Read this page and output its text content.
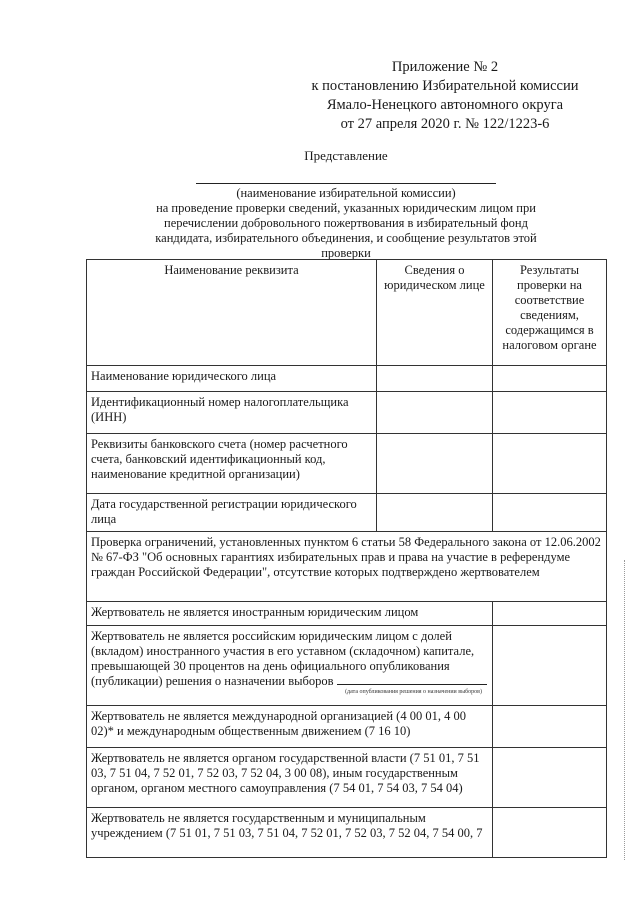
Приложение № 2
к постановлению Избирательной комиссии
Ямало-Ненецкого автономного округа
от 27 апреля 2020 г. № 122/1223-6
Представление
(наименование избирательной комиссии)
на проведение проверки сведений, указанных юридическим лицом при перечислении добровольного пожертвования в избирательный фонд кандидата, избирательного объединения, и сообщение результатов этой проверки
Наименование реквизита	Сведения о юридическом лице	Результаты проверки на соответствие сведениям, содержащимся в налоговом органе
Наименование юридического лица		
Идентификационный номер налогоплательщика (ИНН)		
Реквизиты банковского счета (номер расчетного счета, банковский идентификационный код, наименование кредитной организации)		
Дата государственной регистрации юридического лица		
Проверка ограничений, установленных пунктом 6 статьи 58 Федерального закона от 12.06.2002 № 67-ФЗ "Об основных гарантиях избирательных прав и права на участие в референдуме граждан Российской Федерации", отсутствие которых подтверждено жертвователем		
Жертвователь не является иностранным юридическим лицом		
Жертвователь не является российским юридическим лицом с долей (вкладом) иностранного участия в его уставном (складочном) капитале, превышающей 30 процентов на день официального опубликования (публикации) решения о назначении выборов
(дата опубликования решения о назначении выборов)		

Жертвователь не является международной организацией (4 00 01, 4 00 02)* и международным общественным движением (7 16 10)		
Жертвователь не является органом государственной власти (7 51 01, 7 51 03, 7 51 04, 7 52 01, 7 52 03, 7 52 04, 3 00 08), иным государственным органом, органом местного самоуправления (7 54 01, 7 54 03, 7 54 04)		
Жертвователь не является государственным и муниципальным учреждением (7 51 01, 7 51 03, 7 51 04, 7 52 01, 7 52 03, 7 52 04, 7 54 00, 7		
